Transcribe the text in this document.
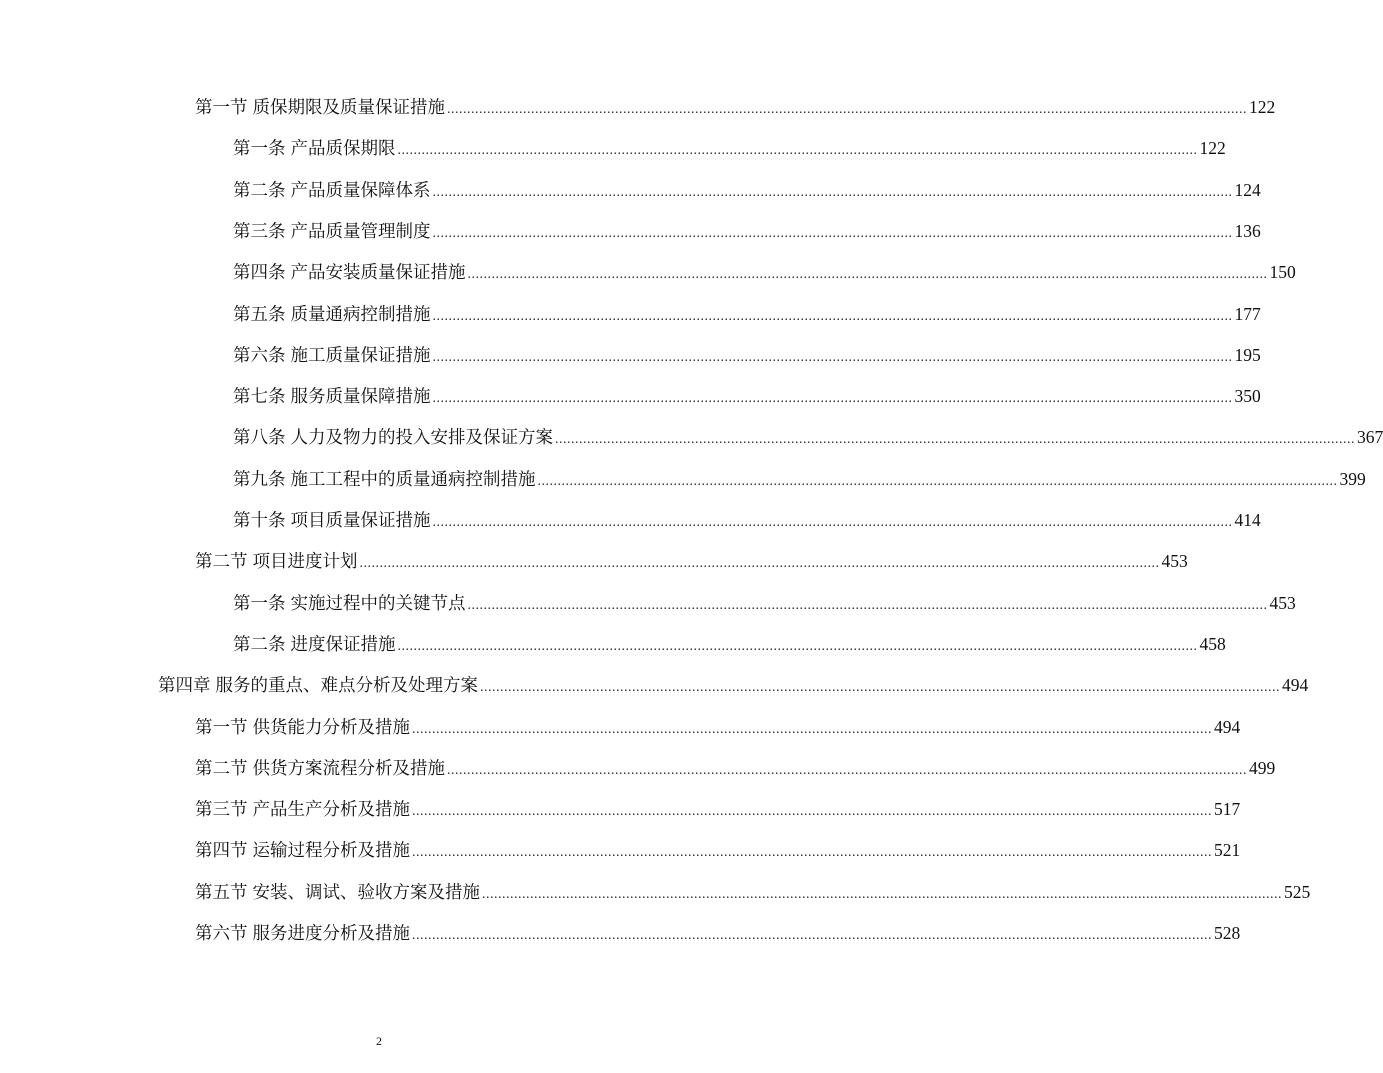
第一节 质保期限及质量保证措施 ........................................................................................................................................................................................................ 122
第一条 产品质保期限 ........................................................................................................................................................................................................ 122
第二条 产品质量保障体系 ........................................................................................................................................................................................................ 124
第三条 产品质量管理制度 ........................................................................................................................................................................................................ 136
第四条 产品安装质量保证措施 ........................................................................................................................................................................................................ 150
第五条 质量通病控制措施 ........................................................................................................................................................................................................ 177
第六条 施工质量保证措施 ........................................................................................................................................................................................................ 195
第七条 服务质量保障措施 ........................................................................................................................................................................................................ 350
第八条 人力及物力的投入安排及保证方案 ........................................................................................................................................................................................................ 367
第九条 施工工程中的质量通病控制措施 ........................................................................................................................................................................................................ 399
第十条 项目质量保证措施 ........................................................................................................................................................................................................ 414
第二节 项目进度计划 ........................................................................................................................................................................................................ 453
第一条 实施过程中的关键节点 ........................................................................................................................................................................................................ 453
第二条 进度保证措施 ........................................................................................................................................................................................................ 458
第四章 服务的重点、难点分析及处理方案 ........................................................................................................................................................................................................ 494
第一节 供货能力分析及措施 ........................................................................................................................................................................................................ 494
第二节 供货方案流程分析及措施 ........................................................................................................................................................................................................ 499
第三节 产品生产分析及措施 ........................................................................................................................................................................................................ 517
第四节 运输过程分析及措施 ........................................................................................................................................................................................................ 521
第五节 安装、调试、验收方案及措施 ........................................................................................................................................................................................................ 525
第六节 服务进度分析及措施 ........................................................................................................................................................................................................ 528
2
